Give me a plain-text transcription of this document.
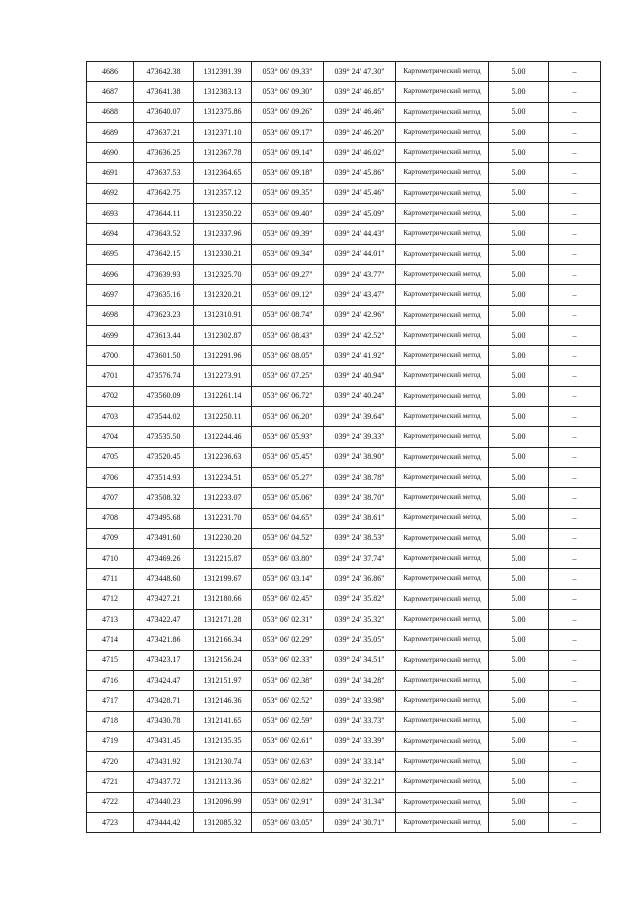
4686	473642.38	1312391.39	053° 06' 09.33"	039° 24' 47.30"	Картометрический метод	5.00	–
4687	473641.38	1312383.13	053° 06' 09.30"	039° 24' 46.85"	Картометрический метод	5.00	–
4688	473640.07	1312375.86	053° 06' 09.26"	039° 24' 46.46"	Картометрический метод	5.00	–
4689	473637.21	1312371.10	053° 06' 09.17"	039° 24' 46.20"	Картометрический метод	5.00	–
4690	473636.25	1312367.78	053° 06' 09.14"	039° 24' 46.02"	Картометрический метод	5.00	–
4691	473637.53	1312364.65	053° 06' 09.18"	039° 24' 45.86"	Картометрический метод	5.00	–
4692	473642.75	1312357.12	053° 06' 09.35"	039° 24' 45.46"	Картометрический метод	5.00	–
4693	473644.11	1312350.22	053° 06' 09.40"	039° 24' 45.09"	Картометрический метод	5.00	–
4694	473643.52	1312337.96	053° 06' 09.39"	039° 24' 44.43"	Картометрический метод	5.00	–
4695	473642.15	1312330.21	053° 06' 09.34"	039° 24' 44.01"	Картометрический метод	5.00	–
4696	473639.93	1312325.70	053° 06' 09.27"	039° 24' 43.77"	Картометрический метод	5.00	–
4697	473635.16	1312320.21	053° 06' 09.12"	039° 24' 43.47"	Картометрический метод	5.00	–
4698	473623.23	1312310.91	053° 06' 08.74"	039° 24' 42.96"	Картометрический метод	5.00	–
4699	473613.44	1312302.87	053° 06' 08.43"	039° 24' 42.52"	Картометрический метод	5.00	–
4700	473601.50	1312291.96	053° 06' 08.05"	039° 24' 41.92"	Картометрический метод	5.00	–
4701	473576.74	1312273.91	053° 06' 07.25"	039° 24' 40.94"	Картометрический метод	5.00	–
4702	473560.09	1312261.14	053° 06' 06.72"	039° 24' 40.24"	Картометрический метод	5.00	–
4703	473544.02	1312250.11	053° 06' 06.20"	039° 24' 39.64"	Картометрический метод	5.00	–
4704	473535.50	1312244.46	053° 06' 05.93"	039° 24' 39.33"	Картометрический метод	5.00	–
4705	473520.45	1312236.63	053° 06' 05.45"	039° 24' 38.90"	Картометрический метод	5.00	–
4706	473514.93	1312234.51	053° 06' 05.27"	039° 24' 38.78"	Картометрический метод	5.00	–
4707	473508.32	1312233.07	053° 06' 05.06"	039° 24' 38.70"	Картометрический метод	5.00	–
4708	473495.68	1312231.70	053° 06' 04.65"	039° 24' 38.61"	Картометрический метод	5.00	–
4709	473491.60	1312230.20	053° 06' 04.52"	039° 24' 38.53"	Картометрический метод	5.00	–
4710	473469.26	1312215.87	053° 06' 03.80"	039° 24' 37.74"	Картометрический метод	5.00	–
4711	473448.60	1312199.67	053° 06' 03.14"	039° 24' 36.86"	Картометрический метод	5.00	–
4712	473427.21	1312180.66	053° 06' 02.45"	039° 24' 35.82"	Картометрический метод	5.00	–
4713	473422.47	1312171.28	053° 06' 02.31"	039° 24' 35.32"	Картометрический метод	5.00	–
4714	473421.86	1312166.34	053° 06' 02.29"	039° 24' 35.05"	Картометрический метод	5.00	–
4715	473423.17	1312156.24	053° 06' 02.33"	039° 24' 34.51"	Картометрический метод	5.00	–
4716	473424.47	1312151.97	053° 06' 02.38"	039° 24' 34.28"	Картометрический метод	5.00	–
4717	473428.71	1312146.36	053° 06' 02.52"	039° 24' 33.98"	Картометрический метод	5.00	–
4718	473430.78	1312141.65	053° 06' 02.59"	039° 24' 33.73"	Картометрический метод	5.00	–
4719	473431.45	1312135.35	053° 06' 02.61"	039° 24' 33.39"	Картометрический метод	5.00	–
4720	473431.92	1312130.74	053° 06' 02.63"	039° 24' 33.14"	Картометрический метод	5.00	–
4721	473437.72	1312113.36	053° 06' 02.82"	039° 24' 32.21"	Картометрический метод	5.00	–
4722	473440.23	1312096.99	053° 06' 02.91"	039° 24' 31.34"	Картометрический метод	5.00	–
4723	473444.42	1312085.32	053° 06' 03.05"	039° 24' 30.71"	Картометрический метод	5.00	–
